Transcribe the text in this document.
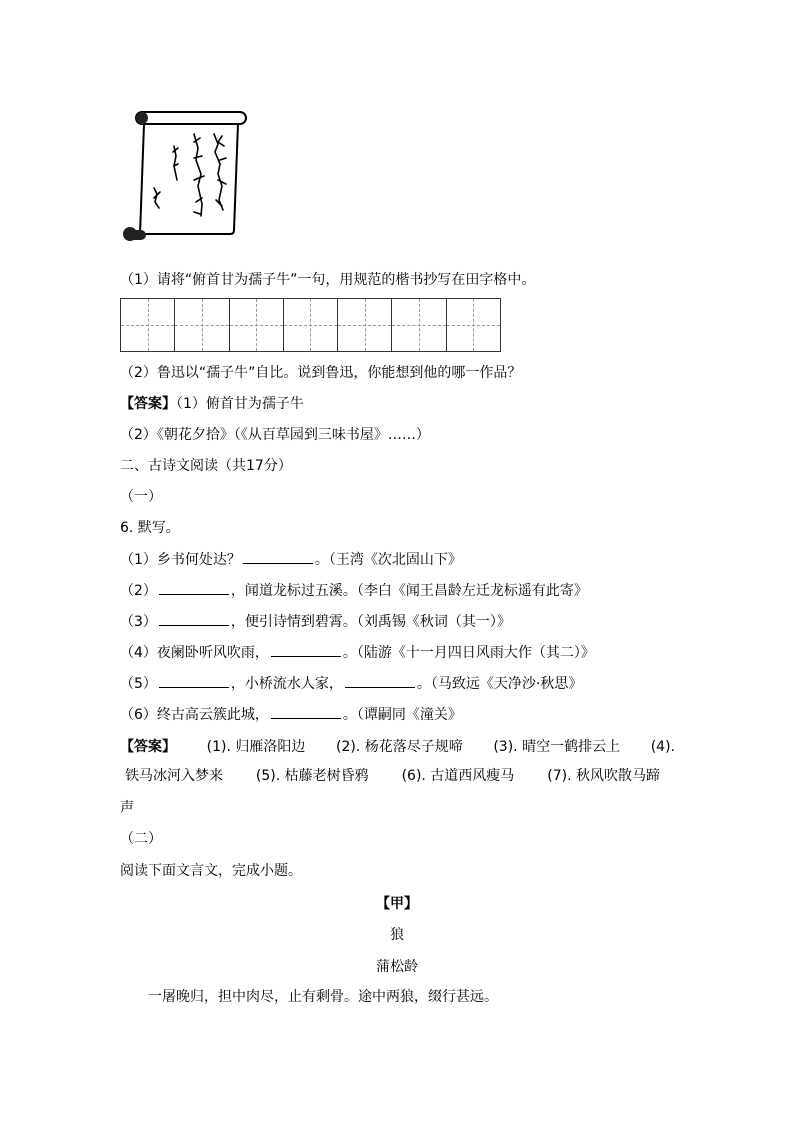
（1）请将“俯首甘为孺子牛”一句，用规范的楷书抄写在田字格中。
（2）鲁迅以“孺子牛”自比。说到鲁迅，你能想到他的哪一作品？
【答案】（1）俯首甘为孺子牛
（2）《朝花夕拾》（《从百草园到三味书屋》……）
二、古诗文阅读（共17分）
（一）
6. 默写。
（1）乡书何处达？	。（王湾《次北固山下》
（2）	，闻道龙标过五溪。（李白《闻王昌龄左迁龙标遥有此寄》
（3）	，便引诗情到碧霄。（刘禹锡《秋词（其一）》
（4）夜阑卧听风吹雨，	。（陆游《十一月四日风雨大作（其二）》
（5）	，小桥流水人家，	。（马致远《天净沙·秋思》
（6）终古高云簇此城，	。（谭嗣同《潼关》
【答案】 (1). 归雁洛阳边 (2). 杨花落尽子规啼 (3). 晴空一鹤排云上 (4).
铁马冰河入梦来 (5). 枯藤老树昏鸦 (6). 古道西风瘦马 (7). 秋风吹散马蹄
声
（二）
阅读下面文言文，完成小题。
【甲】
狼
蒲松龄
一屠晚归，担中肉尽，止有剩骨。途中两狼，缀行甚远。
